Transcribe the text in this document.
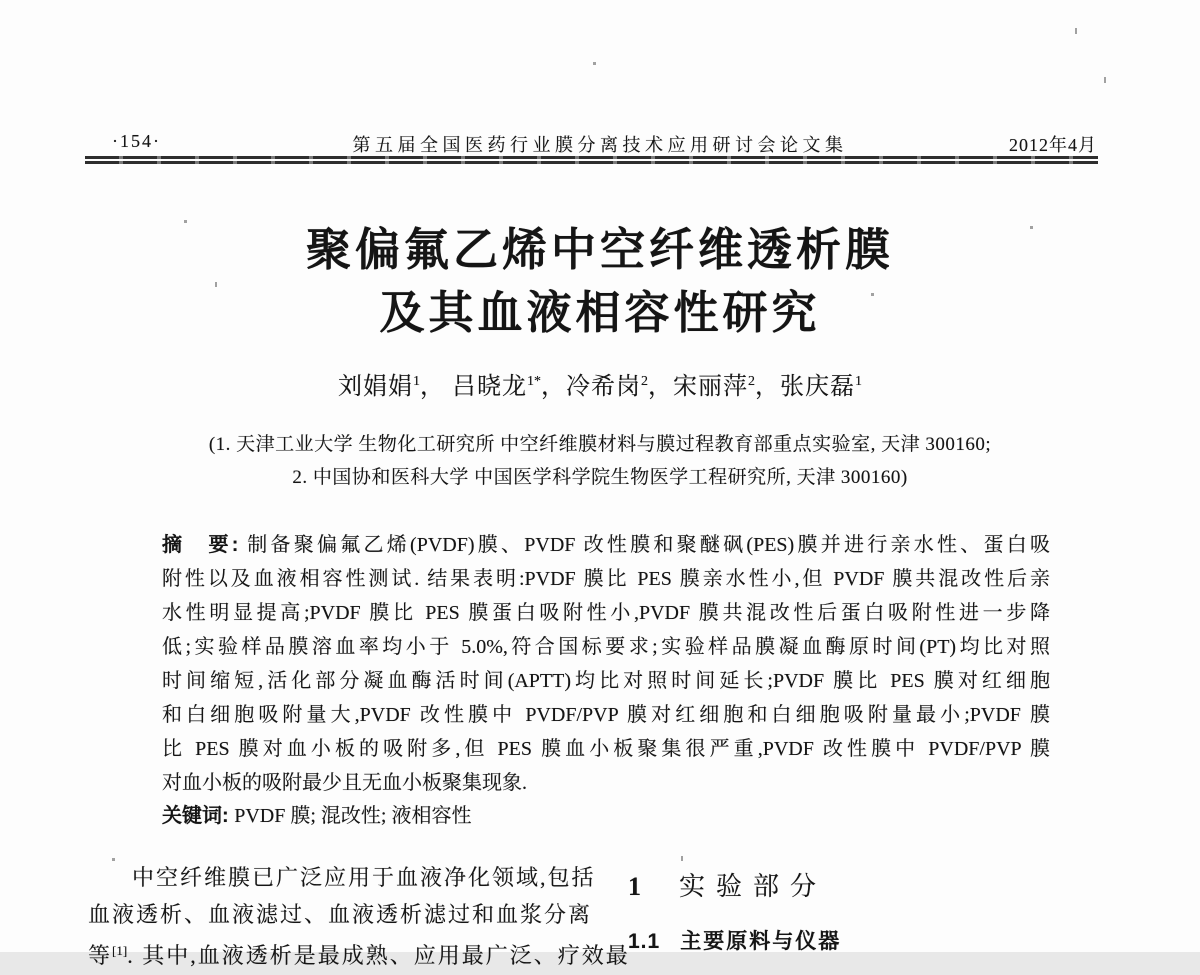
·154·	第五届全国医药行业膜分离技术应用研讨会论文集	2012年4月
聚偏氟乙烯中空纤维透析膜
及其血液相容性研究
刘娟娟$^1$， 吕晓龙$^{1*}$，冷希岗$^2$，宋丽萍$^2$，张庆磊$^1$
(1. 天津工业大学 生物化工研究所 中空纤维膜材料与膜过程教育部重点实验室, 天津 300160;
2. 中国协和医科大学 中国医学科学院生物医学工程研究所, 天津 300160)
摘　要: 制备聚偏氟乙烯(PVDF)膜、PVDF 改性膜和聚醚砜(PES)膜并进行亲水性、蛋白吸
附性以及血液相容性测试. 结果表明:PVDF 膜比 PES 膜亲水性小,但 PVDF 膜共混改性后亲
水性明显提高;PVDF 膜比 PES 膜蛋白吸附性小,PVDF 膜共混改性后蛋白吸附性进一步降
低;实验样品膜溶血率均小于 5.0%,符合国标要求;实验样品膜凝血酶原时间(PT)均比对照
时间缩短,活化部分凝血酶活时间(APTT)均比对照时间延长;PVDF 膜比 PES 膜对红细胞
和白细胞吸附量大,PVDF 改性膜中 PVDF/PVP 膜对红细胞和白细胞吸附量最小;PVDF 膜
比 PES 膜对血小板的吸附多,但 PES 膜血小板聚集很严重,PVDF 改性膜中 PVDF/PVP 膜
对血小板的吸附最少且无血小板聚集现象.
关键词: PVDF 膜; 混改性; 液相容性
中空纤维膜已广泛应用于血液净化领域,包括
血液透析、血液滤过、血液透析滤过和血浆分离
等[1]. 其中,血液透析是最成熟、应用最广泛、疗效最
1 实验部分
1.1 主要原料与仪器
